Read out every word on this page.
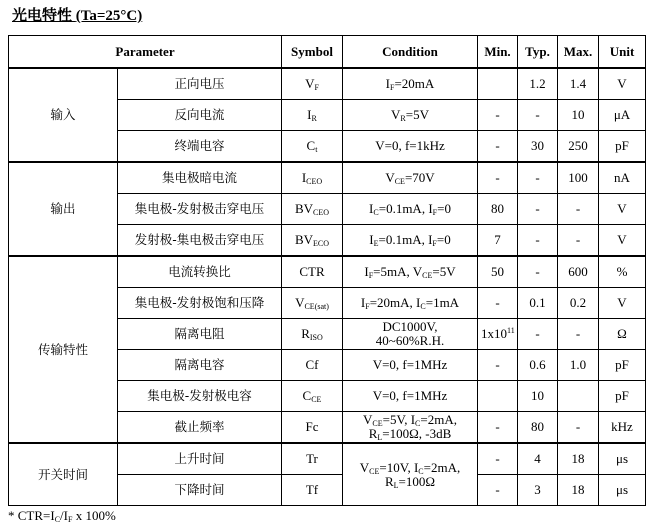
光电特性 (Ta=25°C)
Parameter		Symbol	Condition	Min.	Typ.	Max.	Unit
输入	正向电压	$V_F$	$I_F=20mA$		1.2	1.4	V
	反向电流	$I_R$	$V_R=5V$	-	-	10	μA
	终端电容	$C_t$	V=0, f=1kHz	-	30	250	pF
输出	集电极暗电流	$I_{CEO}$	$V_{CE}=70V$	-	-	100	nA
	集电极-发射极击穿电压	$BV_{CEO}$	$I_C=0.1mA$, $I_F=0$	80	-	-	V
	发射极-集电极击穿电压	$BV_{ECO}$	$I_E=0.1mA$, $I_F=0$	7	-	-	V
传输特性	电流转换比	CTR	$I_F=5mA$, $V_{CE}=5V$	50	-	600	%
	集电极-发射极饱和压降	$V_{CE(sat)}$	$I_F=20mA$, $I_C=1mA$	-	0.1	0.2	V
	隔离电阻	$R_{ISO}$	DC1000V,
40~60%R.H.	$1x10^{11}$	-	-	Ω
	隔离电容	Cf	V=0, f=1MHz	-	0.6	1.0	pF
	集电极-发射极电容	$C_{CE}$	V=0, f=1MHz		10		pF
	截止频率	Fc	$V_{CE}=5V$, $I_C=2mA$,
$R_L=100\Omega$, -3dB	-	80	-	kHz
开关时间	上升时间	Tr	$V_{CE}=10V$, $I_C=2mA$,
$R_L=100\Omega$	-	4	18	μs
	下降时间	Tf		-	3	18	μs
* $CTR=I_C/I_F$ x 100%
